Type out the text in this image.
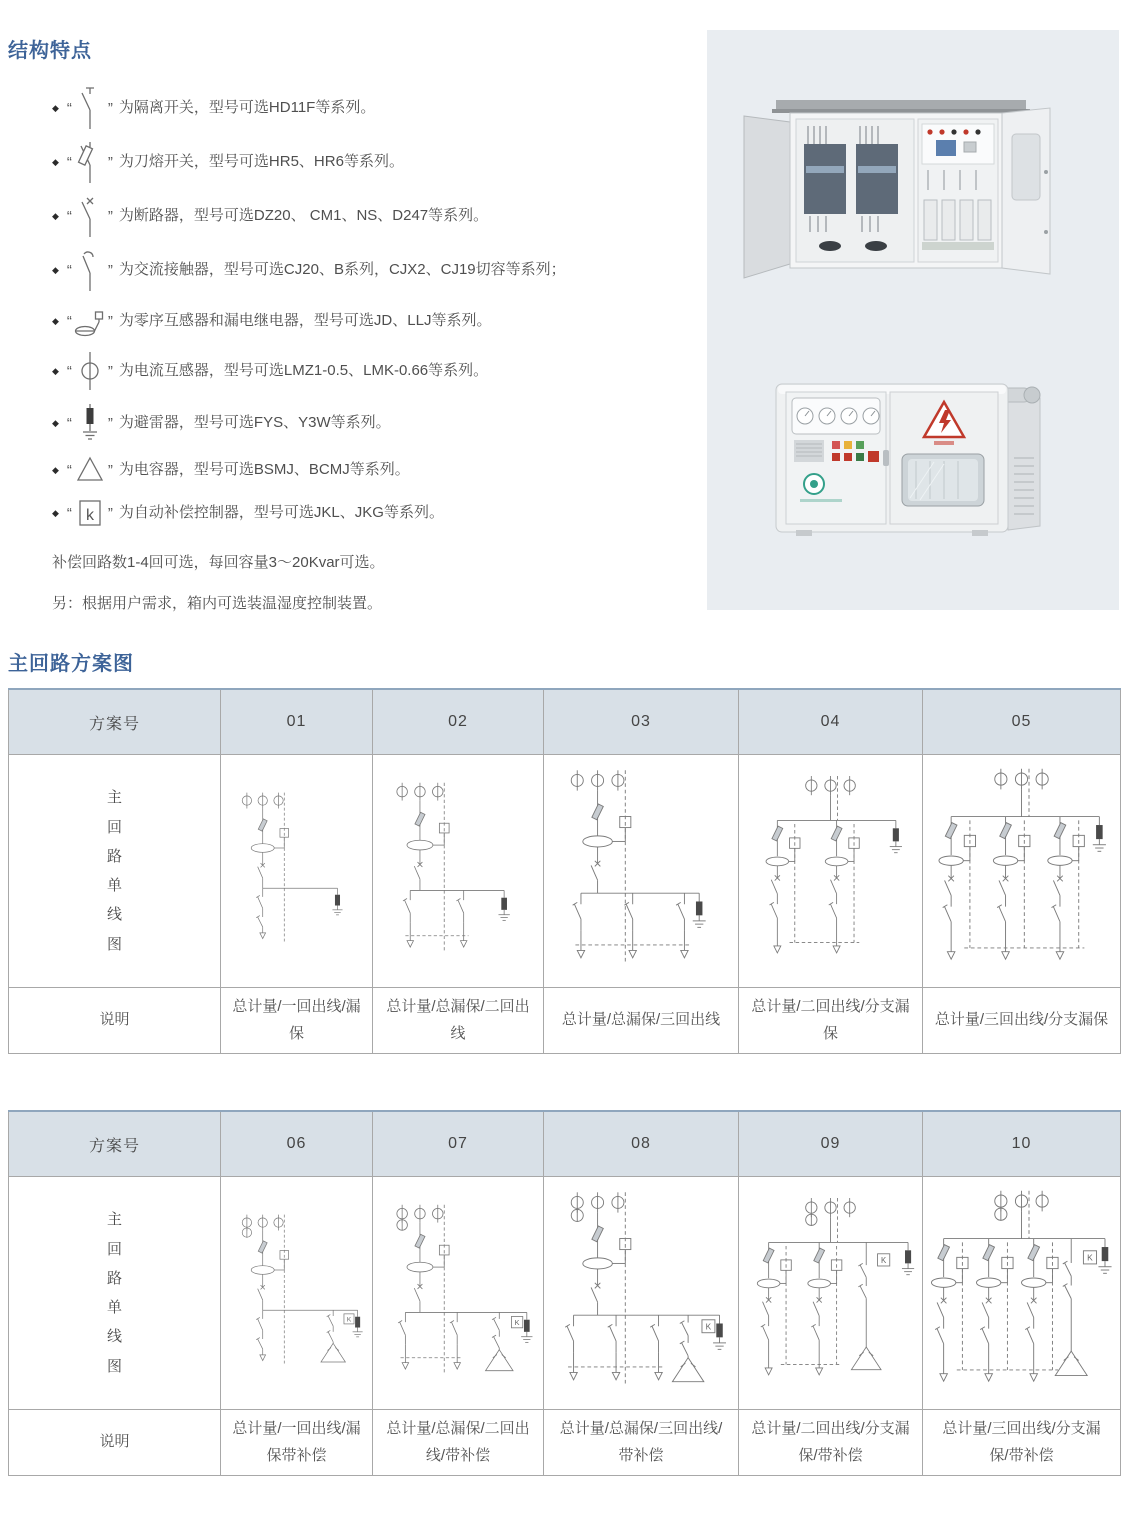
结构特点
◆ “ ” 为隔离开关，型号可选HD11F等系列。
◆ “ ” 为刀熔开关，型号可选HR5、HR6等系列。
◆ “ ” 为断路器，型号可选DZ20、 CM1、NS、D247等系列。
◆ “ ” 为交流接触器，型号可选CJ20、B系列，CJX2、CJ19切容等系列；
◆ “ ” 为零序互感器和漏电继电器，型号可选JD、LLJ等系列。
◆ “ ” 为电流互感器，型号可选LMZ1-0.5、LMK-0.66等系列。
◆ “ ” 为避雷器，型号可选FYS、Y3W等系列。
◆ “ ” 为电容器，型号可选BSMJ、BCMJ等系列。
◆ “ k ” 为自动补偿控制器，型号可选JKL、JKG等系列。

补偿回路数1-4回可选，每回容量3～20Kvar可选。

另：根据用户需求，箱内可选装温湿度控制装置。

主回路方案图
方案号	01	02	03	04	05

主回路单线图

说明	总计量/一回出线/漏保	总计量/总漏保/二回出线	总计量/总漏保/三回出线	总计量/二回出线/分支漏保	总计量/三回出线/分支漏保
方案号	06	07	08	09	10

主回路单线图	K	K	K	K	K

说明	总计量/一回出线/漏保带补偿	总计量/总漏保/二回出线/带补偿	总计量/总漏保/三回出线/带补偿	总计量/二回出线/分支漏保/带补偿	总计量/三回出线/分支漏保/带补偿
